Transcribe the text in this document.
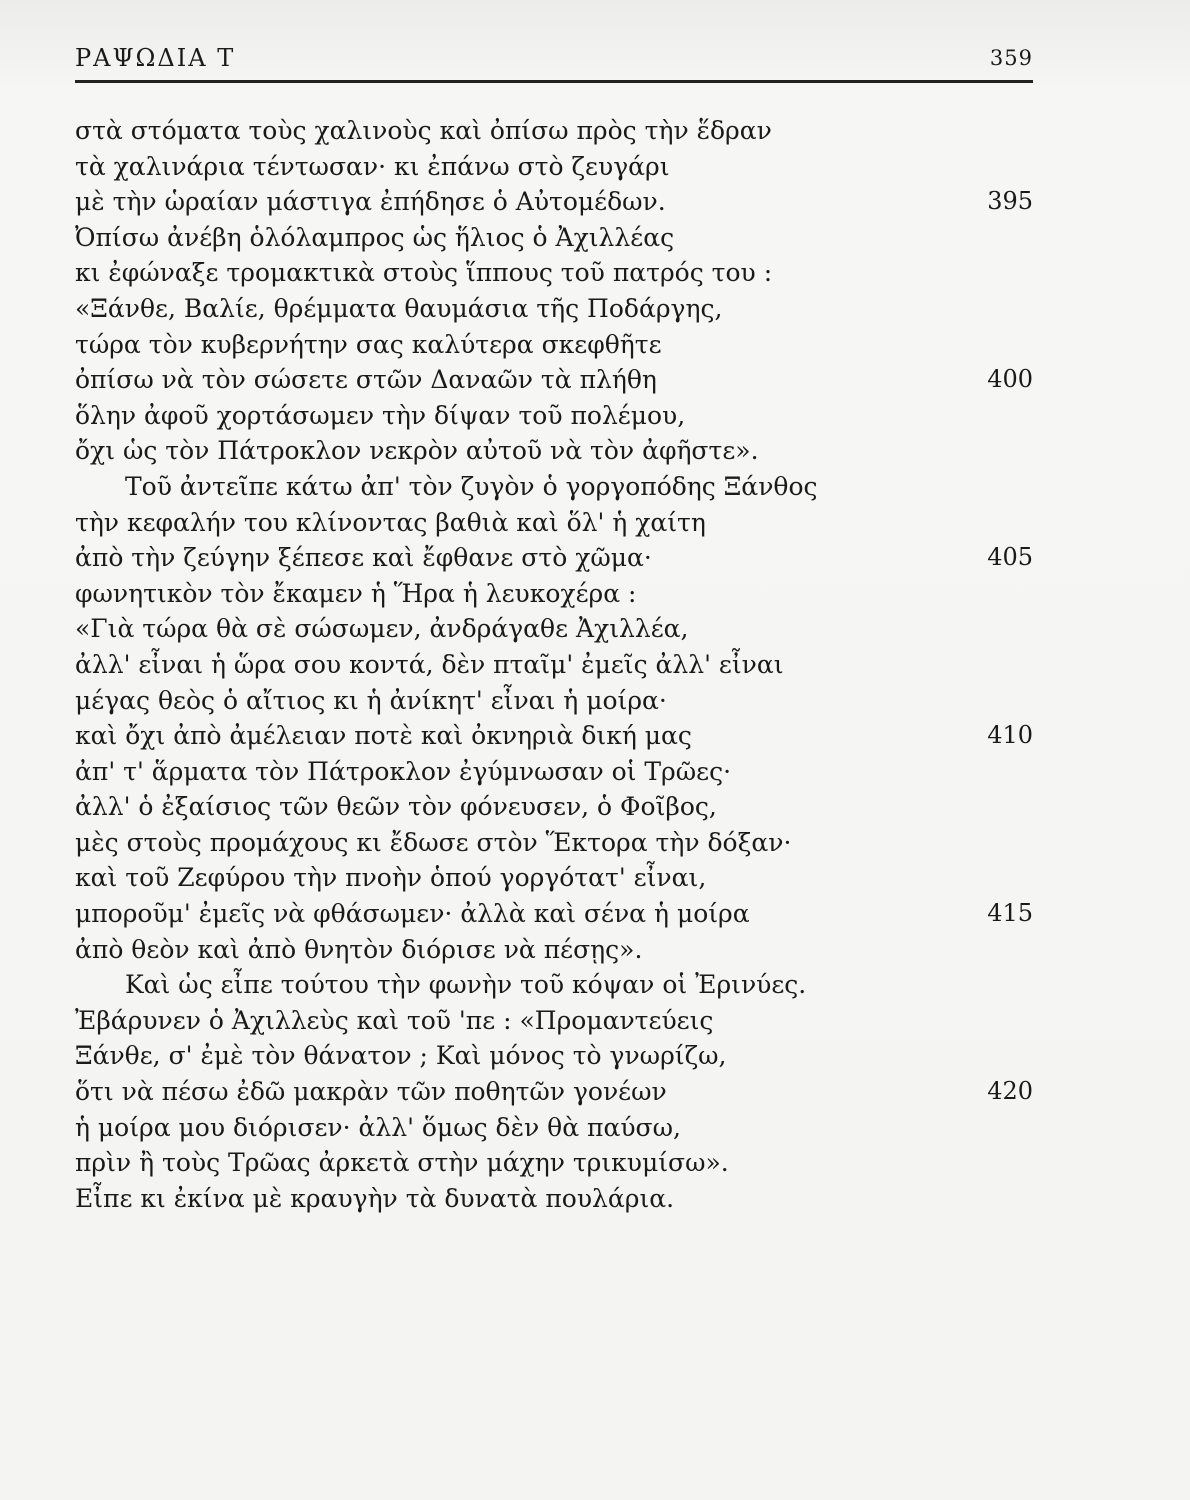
ΡΑΨΩΔΙΑ Τ	359
στὰ στόματα τοὺς χαλινοὺς καὶ ὀπίσω πρὸς τὴν ἕδραν
τὰ χαλινάρια τέντωσαν· κι ἐπάνω στὸ ζευγάρι
μὲ τὴν ὡραίαν μάστιγα ἐπήδησε ὁ Αὐτομέδων.	395
Ὀπίσω ἀνέβη ὁλόλαμπρος ὡς ἥλιος ὁ Ἀχιλλέας
κι ἐφώναξε τρομακτικὰ στοὺς ἵππους τοῦ πατρός του :
«Ξάνθε, Βαλίε, θρέμματα θαυμάσια τῆς Ποδάργης,
τώρα τὸν κυβερνήτην σας καλύτερα σκεφθῆτε
ὀπίσω νὰ τὸν σώσετε στῶν Δαναῶν τὰ πλήθη	400
ὅλην ἀφοῦ χορτάσωμεν τὴν δίψαν τοῦ πολέμου,
ὄχι ὡς τὸν Πάτροκλον νεκρὸν αὐτοῦ νὰ τὸν ἀφῆστε».
Τοῦ ἀντεῖπε κάτω ἀπ' τὸν ζυγὸν ὁ γοργοπόδης Ξάνθος
τὴν κεφαλήν του κλίνοντας βαθιὰ καὶ ὅλ' ἡ χαίτη
ἀπὸ τὴν ζεύγην ξέπεσε καὶ ἔφθανε στὸ χῶμα·	405
φωνητικὸν τὸν ἔκαμεν ἡ Ἥρα ἡ λευκοχέρα :
«Γιὰ τώρα θὰ σὲ σώσωμεν, ἀνδράγαθε Ἀχιλλέα,
ἀλλ' εἶναι ἡ ὥρα σου κοντά, δὲν πταῖμ' ἐμεῖς ἀλλ' εἶναι
μέγας θεὸς ὁ αἴτιος κι ἡ ἀνίκητ' εἶναι ἡ μοίρα·
καὶ ὄχι ἀπὸ ἀμέλειαν ποτὲ καὶ ὀκνηριὰ δική μας	410
ἀπ' τ' ἅρματα τὸν Πάτροκλον ἐγύμνωσαν οἱ Τρῶες·
ἀλλ' ὁ ἐξαίσιος τῶν θεῶν τὸν φόνευσεν, ὁ Φοῖβος,
μὲς στοὺς προμάχους κι ἔδωσε στὸν Ἕκτορα τὴν δόξαν·
καὶ τοῦ Ζεφύρου τὴν πνοὴν ὁπού γοργότατ' εἶναι,
μποροῦμ' ἐμεῖς νὰ φθάσωμεν· ἀλλὰ καὶ σένα ἡ μοίρα	415
ἀπὸ θεὸν καὶ ἀπὸ θνητὸν διόρισε νὰ πέσῃς».
Καὶ ὡς εἶπε τούτου τὴν φωνὴν τοῦ κόψαν οἱ Ἐρινύες.
Ἐβάρυνεν ὁ Ἀχιλλεὺς καὶ τοῦ 'πε : «Προμαντεύεις
Ξάνθε, σ' ἐμὲ τὸν θάνατον ; Καὶ μόνος τὸ γνωρίζω,
ὅτι νὰ πέσω ἐδῶ μακρὰν τῶν ποθητῶν γονέων	420
ἡ μοίρα μου διόρισεν· ἀλλ' ὅμως δὲν θὰ παύσω,
πρὶν ἢ τοὺς Τρῶας ἀρκετὰ στὴν μάχην τρικυμίσω».
Εἶπε κι ἐκίνα μὲ κραυγὴν τὰ δυνατὰ πουλάρια.
